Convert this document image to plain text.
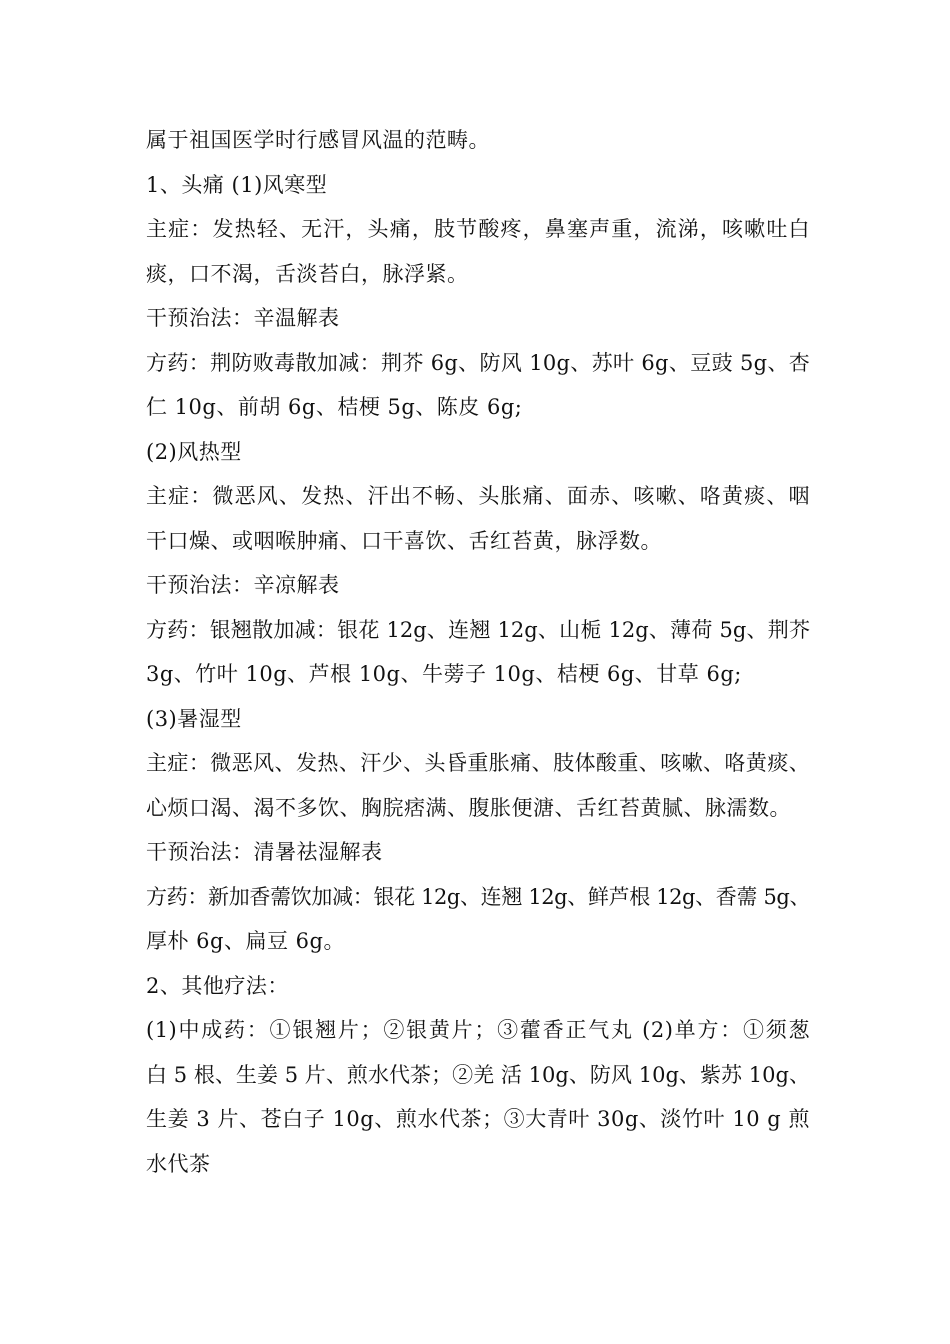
属于祖国医学时行感冒风温的范畴。
1、头痛 (1)风寒型
主症：发热轻、无汗，头痛，肢节酸疼，鼻塞声重，流涕，咳嗽吐白
痰，口不渴，舌淡苔白，脉浮紧。
干预治法：辛温解表
方药：荆防败毒散加减：荆芥 6g、防风 10g、苏叶 6g、豆豉 5g、杏
仁 10g、前胡 6g、桔梗 5g、陈皮 6g;
(2)风热型
主症：微恶风、发热、汗出不畅、头胀痛、面赤、咳嗽、咯黄痰、咽
干口燥、或咽喉肿痛、口干喜饮、舌红苔黄，脉浮数。
干预治法：辛凉解表
方药：银翘散加减：银花 12g、连翘 12g、山栀 12g、薄荷 5g、荆芥
3g、竹叶 10g、芦根 10g、牛蒡子 10g、桔梗 6g、甘草 6g;
(3)暑湿型
主症：微恶风、发热、汗少、头昏重胀痛、肢体酸重、咳嗽、咯黄痰、
心烦口渴、渴不多饮、胸脘痞满、腹胀便溏、舌红苔黄腻、脉濡数。
干预治法：清暑祛湿解表
方药：新加香薷饮加减：银花 12g、连翘 12g、鲜芦根 12g、香薷 5g、
厚朴 6g、扁豆 6g。
2、其他疗法：
(1)中成药：①银翘片；②银黄片；③藿香正气丸 (2)单方：①须葱
白 5 根、生姜 5 片、煎水代茶；②羌 活 10g、防风 10g、紫苏 10g、
生姜 3 片、苍白子 10g、煎水代茶；③大青叶 30g、淡竹叶 10 g 煎
水代茶
